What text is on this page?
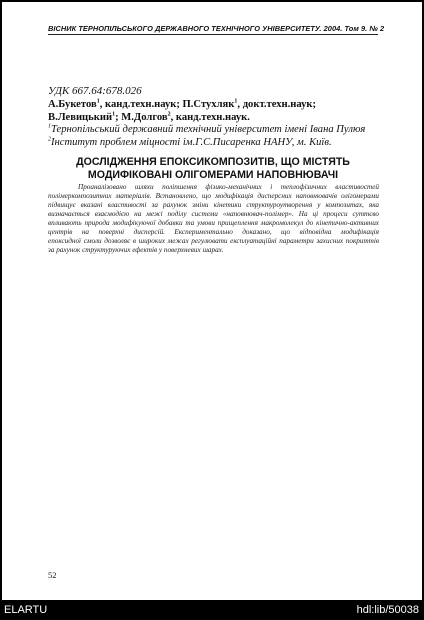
ВІСНИК ТЕРНОПІЛЬСЬКОГО ДЕРЖАВНОГО ТЕХНІЧНОГО УНІВЕРСИТЕТУ. 2004. Том 9. № 2
УДК 667.64:678.026

А.Букетов$^1$, канд.техн.наук; П.Стухляк$^1$, докт.техн.наук;

В.Левицький$^1$; М.Долгов$^2$, канд.техн.наук.

$^1$Тернопільський державний технічний університет імені Івана Пулюя

$^2$Інститут проблем міцності ім.Г.С.Писаренка НАНУ, м. Київ.

ДОСЛІДЖЕННЯ ЕПОКСИКОМПОЗИТІВ, ЩО МІСТЯТЬ
МОДИФІКОВАНІ ОЛІГОМЕРАМИ НАПОВНЮВАЧІ
Проаналізовано шляхи поліпшення фізико-механічних і теплофізичних властивостей
полімеркомпозитних матеріалів. Встановлено, що модифікація дисперсних наповнювачів олігомерами
підвищує вказані властивості за рахунок зміни кінетики структуроутворення у композитах, яка
визначається взаємодією на межі поділу системи «наповнювач-полімер». На ці процеси суттєво
впливають природа модифікуючої добавки та умови прищеплення макромолекул до кінетично-активних
центрів на поверхні дисперсій. Експериментально доказано, що відповідна модифікація
епоксидної смоли дозволяє в широких межах регулювати експлуатаційні параметри захисних покриттів
за рахунок структуруючих ефектів у поверхневих шарах.
52
ELARTU	hdl:lib/50038
